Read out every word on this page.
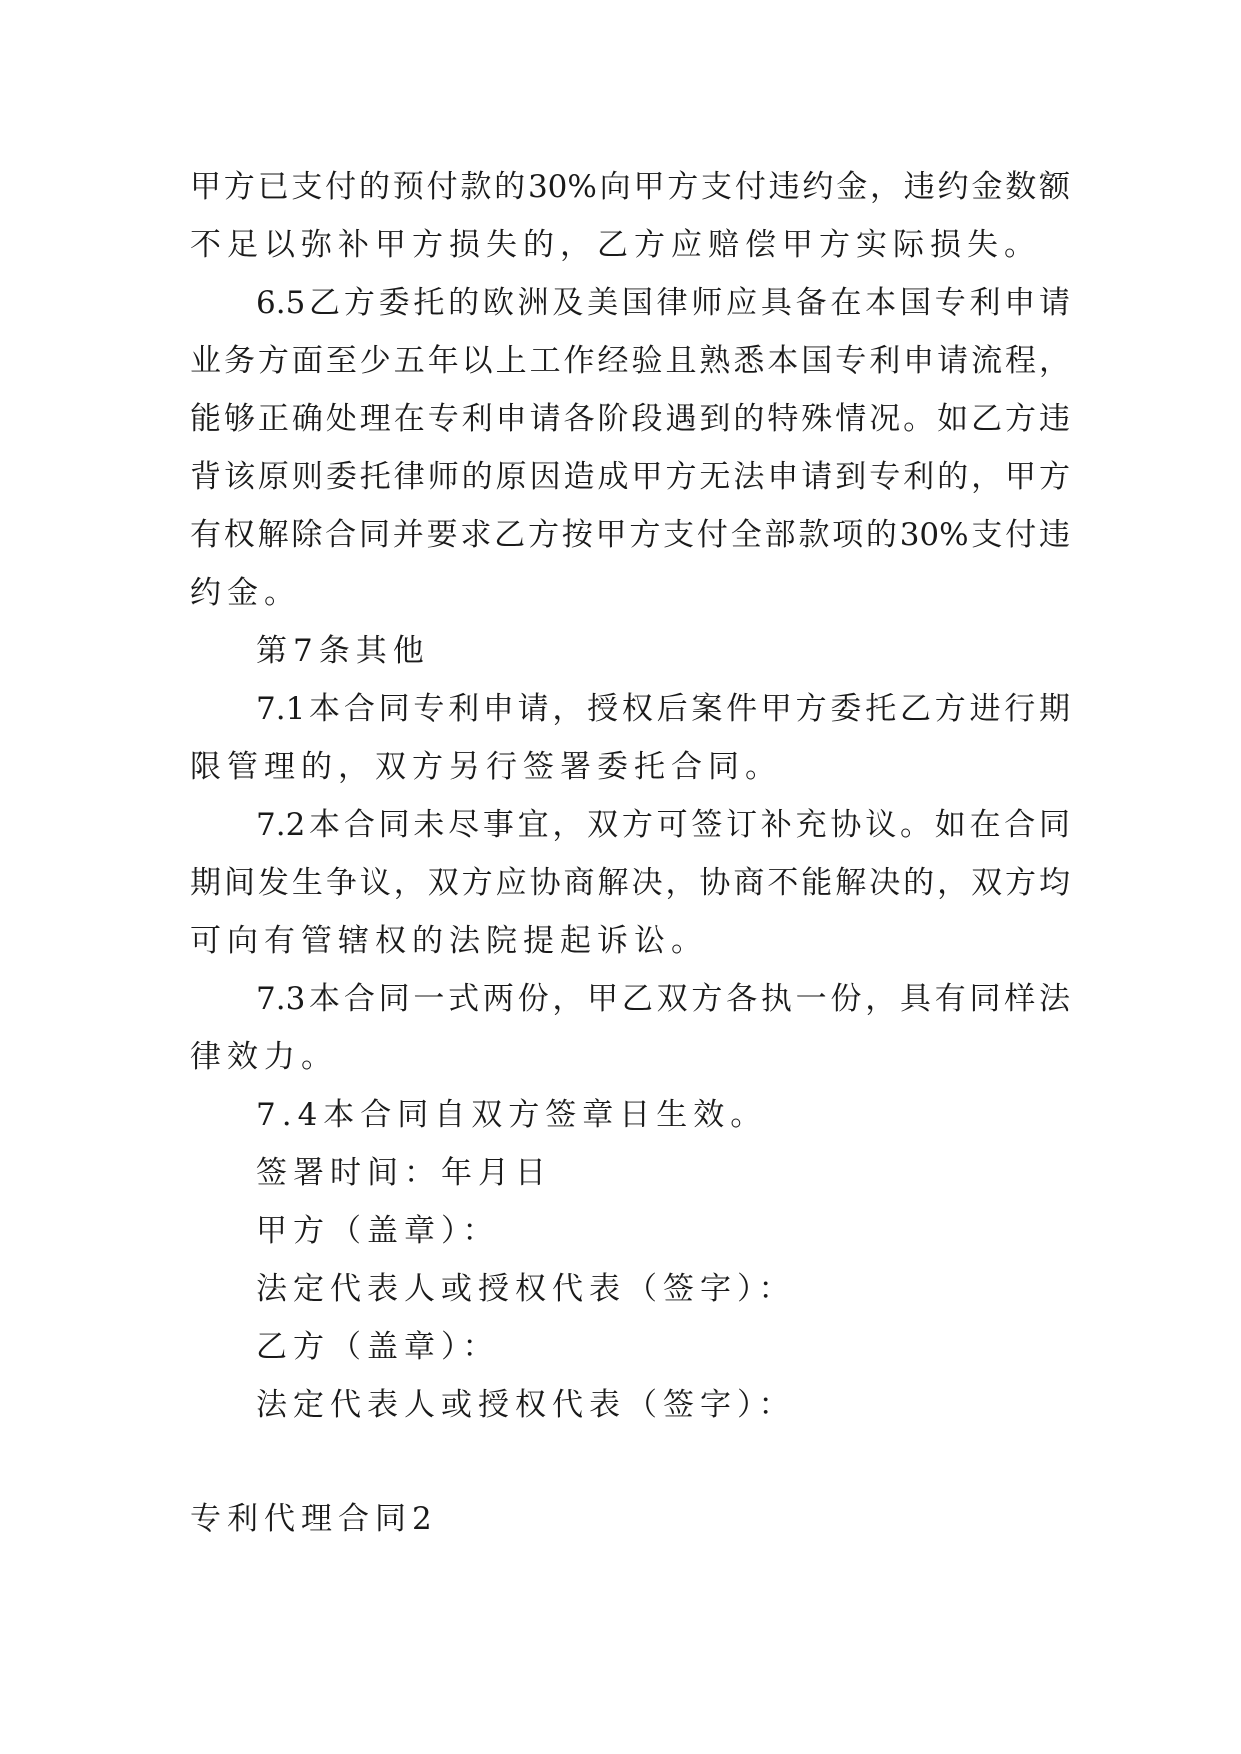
甲方已支付的预付款的30%向甲方支付违约金，违约金数额
不足以弥补甲方损失的，乙方应赔偿甲方实际损失。
6.5乙方委托的欧洲及美国律师应具备在本国专利申请
业务方面至少五年以上工作经验且熟悉本国专利申请流程，
能够正确处理在专利申请各阶段遇到的特殊情况。如乙方违
背该原则委托律师的原因造成甲方无法申请到专利的，甲方
有权解除合同并要求乙方按甲方支付全部款项的30%支付违
约金。
第7条其他
7.1本合同专利申请，授权后案件甲方委托乙方进行期
限管理的，双方另行签署委托合同。
7.2本合同未尽事宜，双方可签订补充协议。如在合同
期间发生争议，双方应协商解决，协商不能解决的，双方均
可向有管辖权的法院提起诉讼。
7.3本合同一式两份，甲乙双方各执一份，具有同样法
律效力。
7.4本合同自双方签章日生效。
签署时间：年月日
甲方（盖章）：
法定代表人或授权代表（签字）：
乙方（盖章）：
法定代表人或授权代表（签字）：
专利代理合同2
